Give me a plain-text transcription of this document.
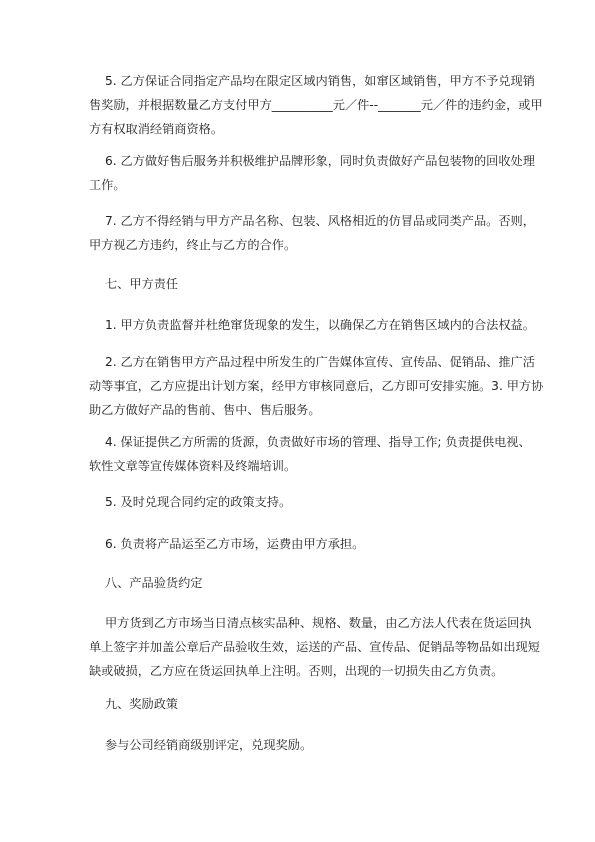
5. 乙方保证合同指定产品均在限定区域内销售，如窜区域销售，甲方不予兑现销
售奖励，并根据数量乙方支付甲方__________元／件--_______元／件的违约金，或甲
方有权取消经销商资格。
6. 乙方做好售后服务并积极维护品牌形象，同时负责做好产品包装物的回收处理
工作。
7. 乙方不得经销与甲方产品名称、包装、风格相近的仿冒品或同类产品。否则，
甲方视乙方违约，终止与乙方的合作。
七、甲方责任
1. 甲方负责监督并杜绝窜货现象的发生，以确保乙方在销售区域内的合法权益。
2. 乙方在销售甲方产品过程中所发生的广告媒体宣传、宣传品、促销品、推广活
动等事宜，乙方应提出计划方案，经甲方审核同意后，乙方即可安排实施。3. 甲方协
助乙方做好产品的售前、售中、售后服务。
4. 保证提供乙方所需的货源，负责做好市场的管理、指导工作; 负责提供电视、
软性文章等宣传媒体资料及终端培训。
5. 及时兑现合同约定的政策支持。
6. 负责将产品运至乙方市场，运费由甲方承担。
八、产品验货约定
甲方货到乙方市场当日清点核实品种、规格、数量，由乙方法人代表在货运回执
单上签字并加盖公章后产品验收生效，运送的产品、宣传品、促销品等物品如出现短
缺或破损，乙方应在货运回执单上注明。否则，出现的一切损失由乙方负责。
九、奖励政策
参与公司经销商级别评定，兑现奖励。
